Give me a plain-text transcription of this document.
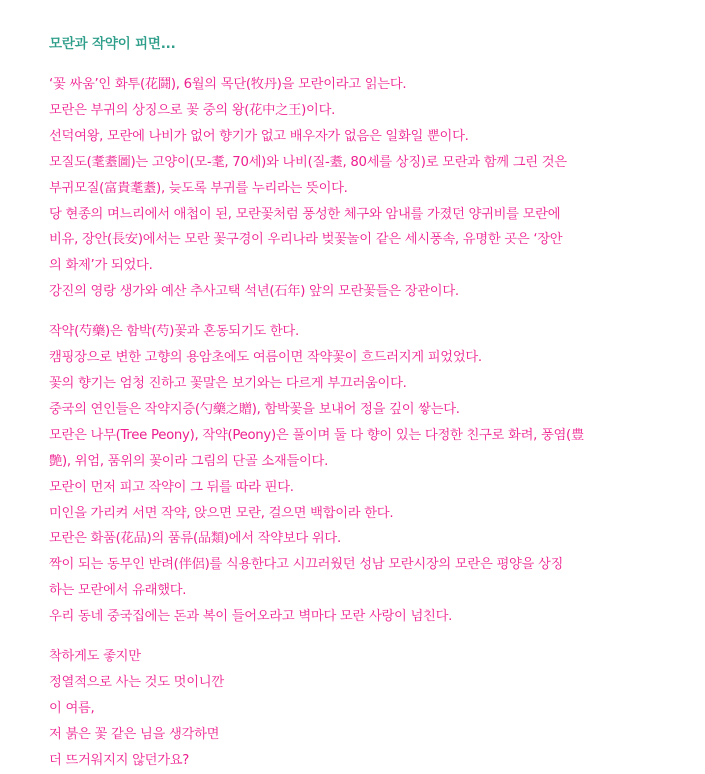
모란과 작약이 피면...
‘꽃 싸움’인 화투(花鬪), 6월의 목단(牧丹)을 모란이라고 읽는다.
모란은 부귀의 상징으로 꽃 중의 왕(花中之王)이다.
선덕여왕, 모란에 나비가 없어 향기가 없고 배우자가 없음은 일화일 뿐이다.
모질도(耄耋圖)는 고양이(모-耄, 70세)와 나비(질-耋, 80세를 상징)로 모란과 함께 그린 것은
부귀모질(富貴耄耋), 늦도록 부귀를 누리라는 뜻이다.
당 현종의 며느리에서 애첩이 된, 모란꽃처럼 풍성한 체구와 암내를 가졌던 양귀비를 모란에
비유, 장안(長安)에서는 모란 꽃구경이 우리나라 벚꽃놀이 같은 세시풍속, 유명한 곳은 ‘장안
의 화제’가 되었다.
강진의 영랑 생가와 예산 추사고택 석년(石年) 앞의 모란꽃들은 장관이다.
작약(芍藥)은 함박(芍)꽃과 혼동되기도 한다.
캠핑장으로 변한 고향의 용암초에도 여름이면 작약꽃이 흐드러지게 피었었다.
꽃의 향기는 엄청 진하고 꽃말은 보기와는 다르게 부끄러움이다.
중국의 연인들은 작약지증(勺藥之贈), 함박꽃을 보내어 정을 깊이 쌓는다.
모란은 나무(Tree Peony), 작약(Peony)은 풀이며 둘 다 향이 있는 다정한 친구로 화려, 풍염(豊
艶), 위엄, 품위의 꽃이라 그림의 단골 소재들이다.
모란이 먼저 피고 작약이 그 뒤를 따라 핀다.
미인을 가리켜 서면 작약, 앉으면 모란, 걸으면 백합이라 한다.
모란은 화품(花品)의 품류(品類)에서 작약보다 위다.
짝이 되는 동무인 반려(伴侶)를 식용한다고 시끄러웠던 성남 모란시장의 모란은 평양을 상징
하는 모란에서 유래했다.
우리 동네 중국집에는 돈과 복이 들어오라고 벽마다 모란 사랑이 넘친다.
착하게도 좋지만
정열적으로 사는 것도 멋이니깐
이 여름,
저 붉은 꽃 같은 님을 생각하면
더 뜨거워지지 않던가요?
